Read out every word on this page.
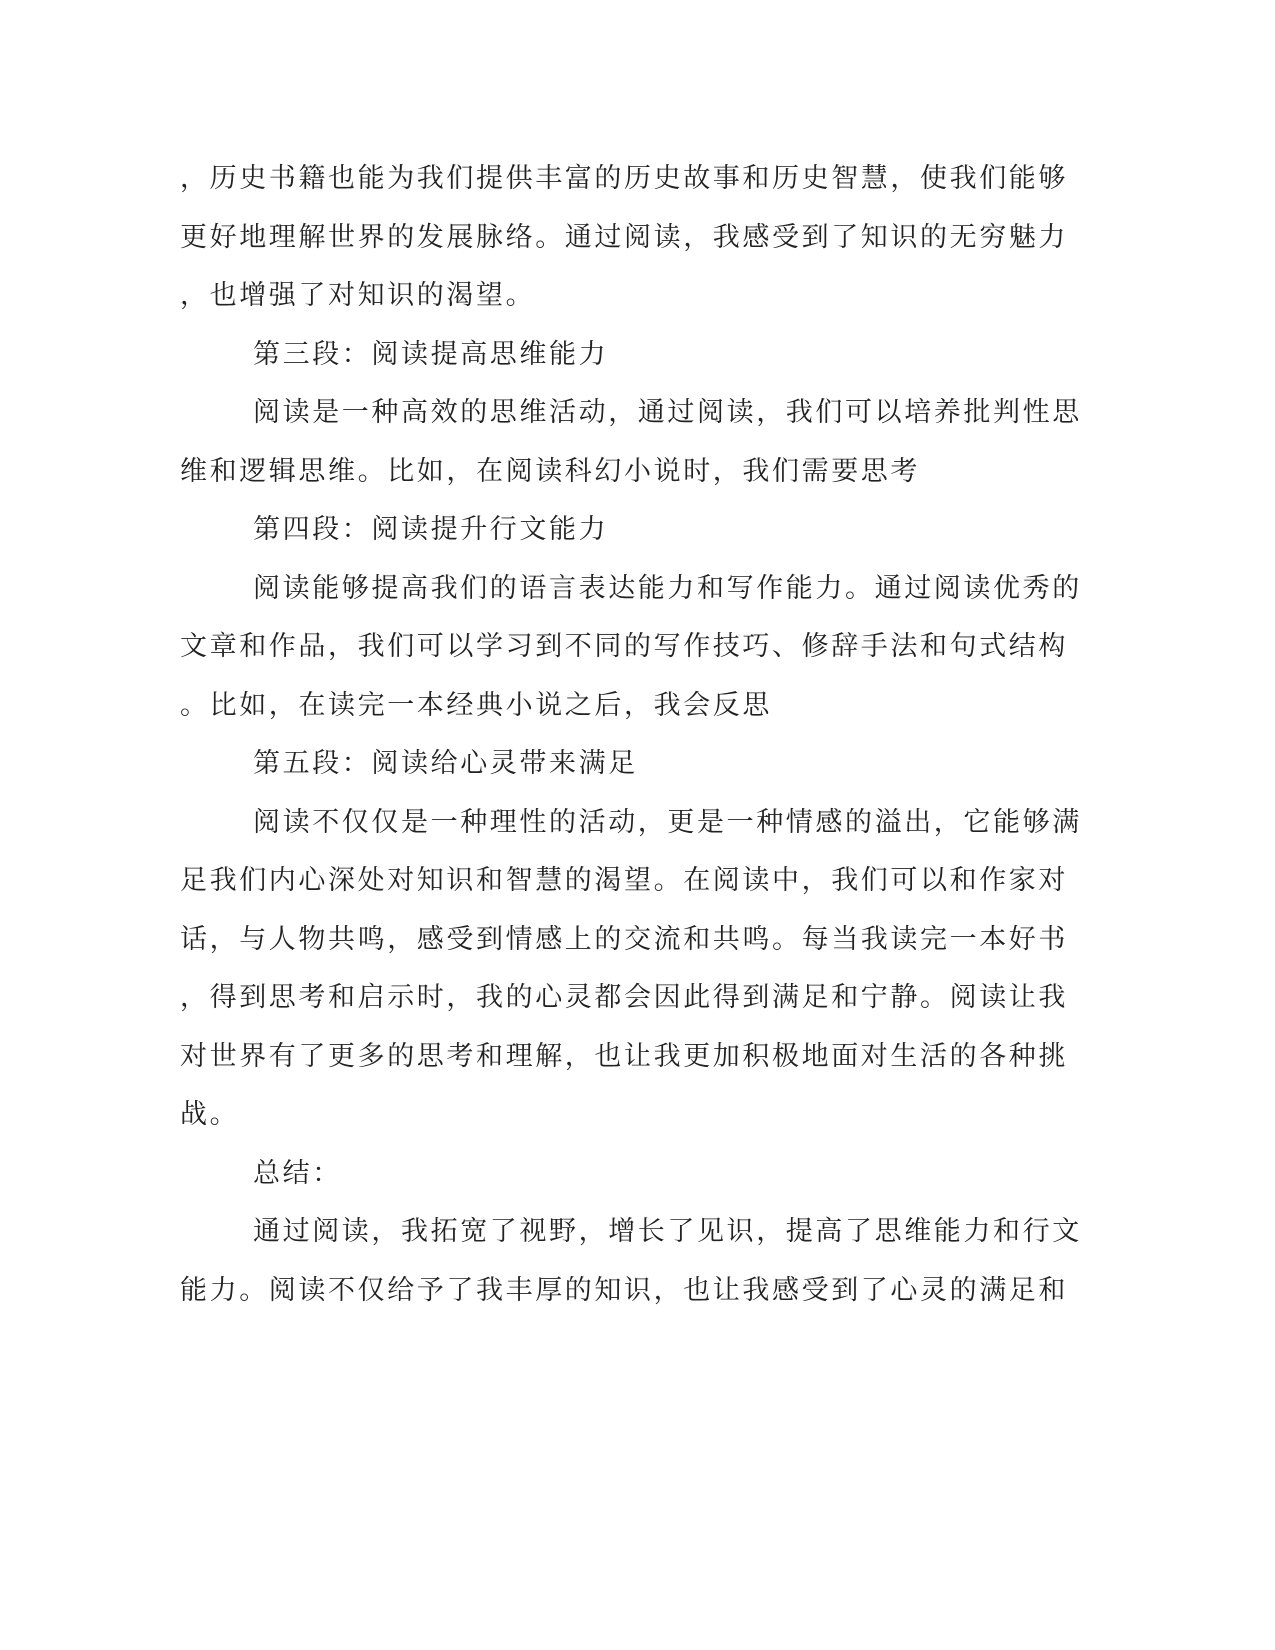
，历史书籍也能为我们提供丰富的历史故事和历史智慧，使我们能够
更好地理解世界的发展脉络。通过阅读，我感受到了知识的无穷魅力
，也增强了对知识的渴望。
第三段：阅读提高思维能力
阅读是一种高效的思维活动，通过阅读，我们可以培养批判性思
维和逻辑思维。比如，在阅读科幻小说时，我们需要思考
第四段：阅读提升行文能力
阅读能够提高我们的语言表达能力和写作能力。通过阅读优秀的
文章和作品，我们可以学习到不同的写作技巧、修辞手法和句式结构
。比如，在读完一本经典小说之后，我会反思
第五段：阅读给心灵带来满足
阅读不仅仅是一种理性的活动，更是一种情感的溢出，它能够满
足我们内心深处对知识和智慧的渴望。在阅读中，我们可以和作家对
话，与人物共鸣，感受到情感上的交流和共鸣。每当我读完一本好书
，得到思考和启示时，我的心灵都会因此得到满足和宁静。阅读让我
对世界有了更多的思考和理解，也让我更加积极地面对生活的各种挑
战。
总结：
通过阅读，我拓宽了视野，增长了见识，提高了思维能力和行文
能力。阅读不仅给予了我丰厚的知识，也让我感受到了心灵的满足和
